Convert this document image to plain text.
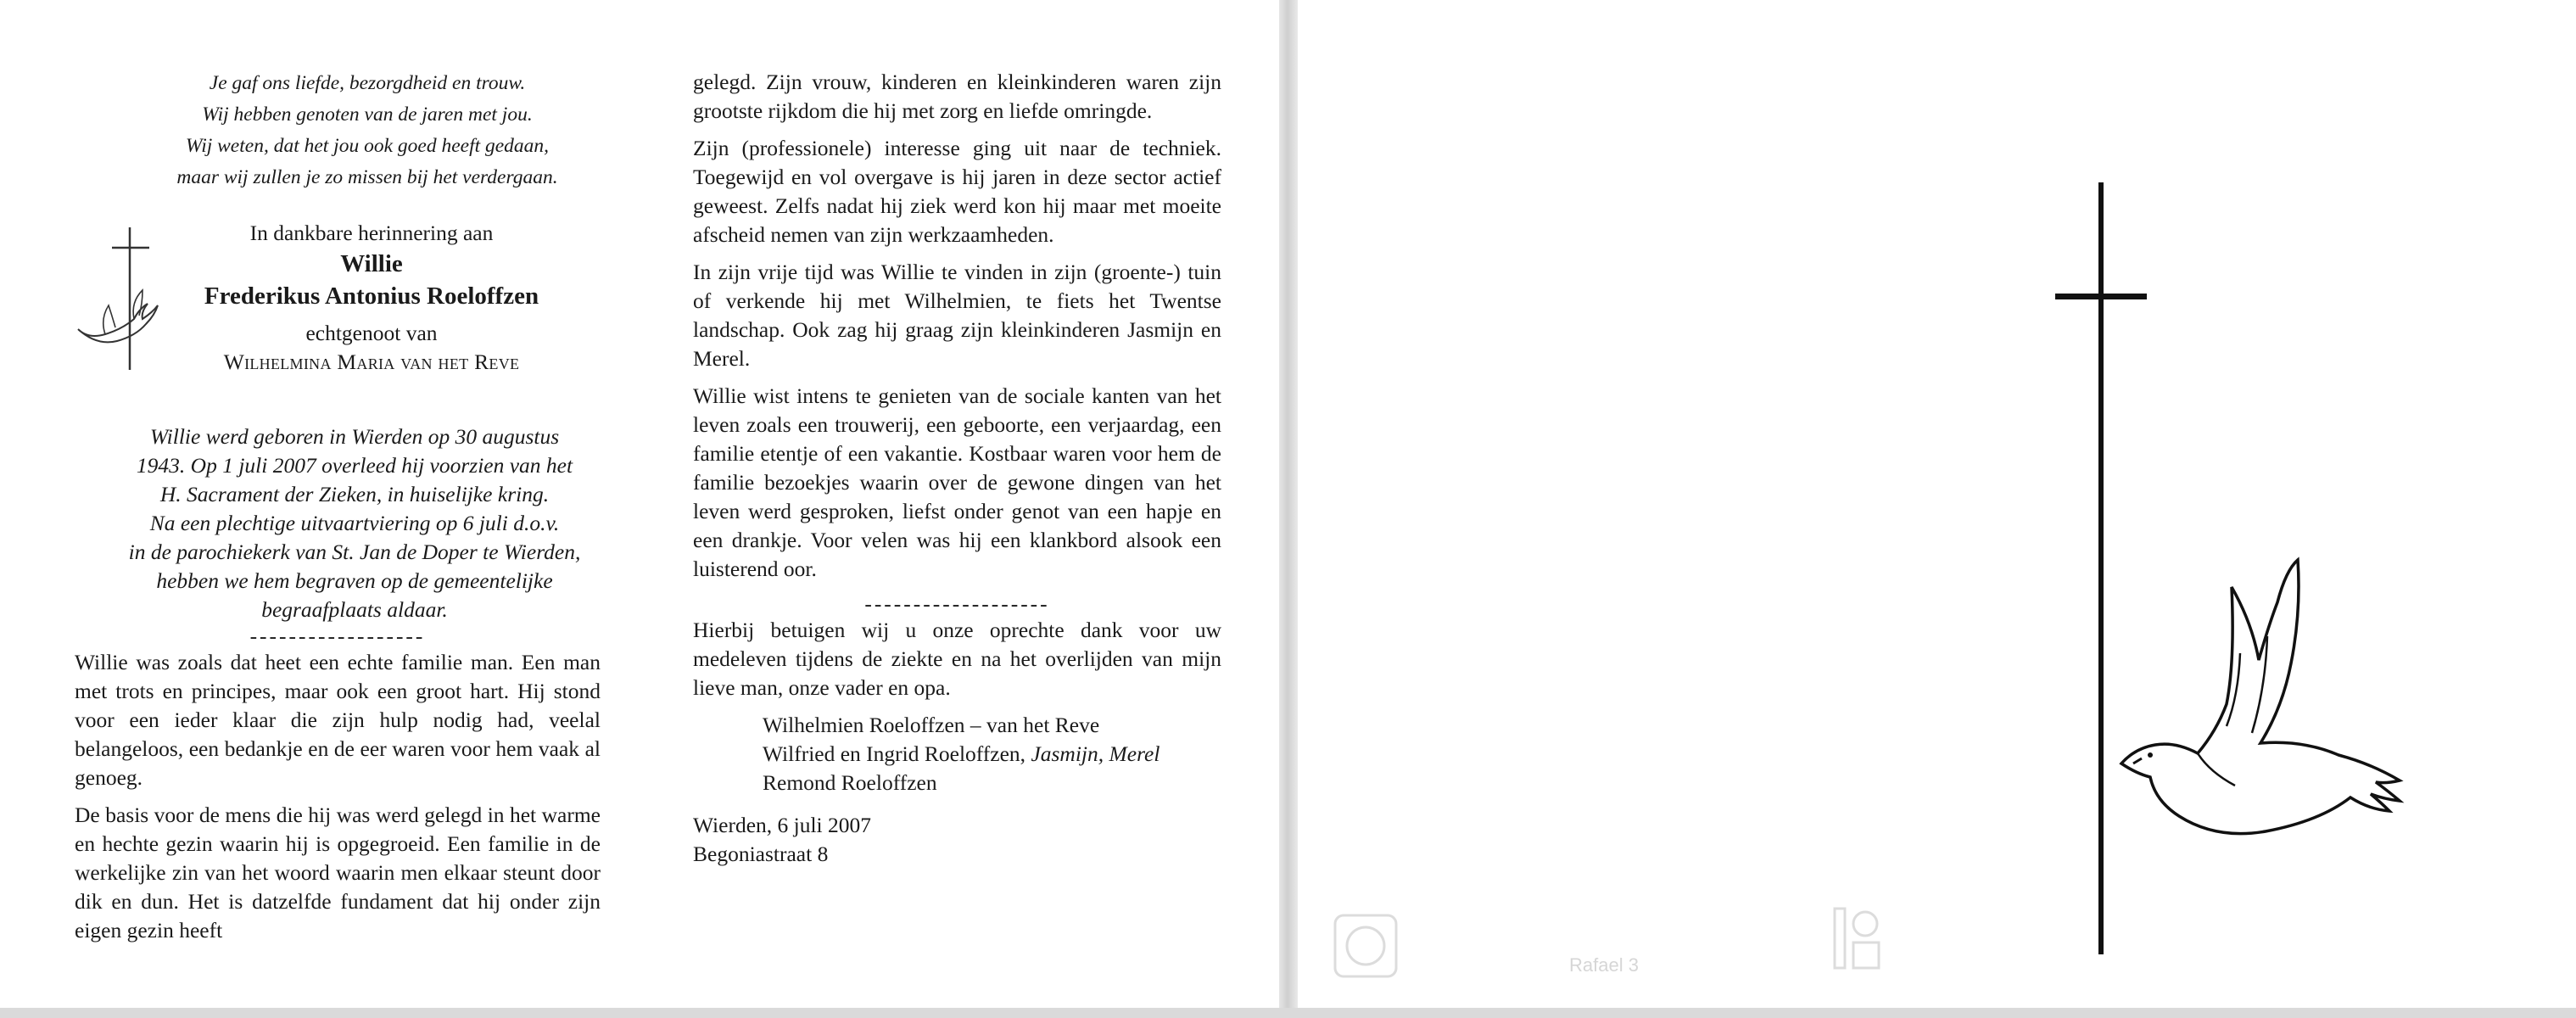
Je gaf ons liefde, bezorgdheid en trouw.
Wij hebben genoten van de jaren met jou.
Wij weten, dat het jou ook goed heeft gedaan,
maar wij zullen je zo missen bij het verdergaan.
In dankbare herinnering aan
Willie
Frederikus Antonius Roeloffzen
echtgenoot van
Wilhelmina Maria van het Reve
Willie werd geboren in Wierden op 30 augustus
1943. Op 1 juli 2007 overleed hij voorzien van het
H. Sacrament der Zieken, in huiselijke kring.
Na een plechtige uitvaartviering op 6 juli d.o.v.
in de parochiekerk van St. Jan de Doper te Wierden,
hebben we hem begraven op de gemeentelijke
begraafplaats aldaar.
------------------

Willie was zoals dat heet een echte familie man. Een man met trots en principes, maar ook een groot hart. Hij stond voor een ieder klaar die zijn hulp nodig had, veelal belangeloos, een bedankje en de eer waren voor hem vaak al genoeg.

De basis voor de mens die hij was werd gelegd in het warme en hechte gezin waarin hij is opgegroeid. Een familie in de werkelijke zin van het woord waarin men elkaar steunt door dik en dun. Het is datzelfde fundament dat hij onder zijn eigen gezin heeft

gelegd. Zijn vrouw, kinderen en kleinkinderen waren zijn grootste rijkdom die hij met zorg en liefde omringde.

Zijn (professionele) interesse ging uit naar de techniek. Toegewijd en vol overgave is hij jaren in deze sector actief geweest. Zelfs nadat hij ziek werd kon hij maar met moeite afscheid nemen van zijn werkzaamheden.

In zijn vrije tijd was Willie te vinden in zijn (groente-) tuin of verkende hij met Wilhelmien, te fiets het Twentse landschap. Ook zag hij graag zijn kleinkinderen Jasmijn en Merel.

Willie wist intens te genieten van de sociale kanten van het leven zoals een trouwerij, een geboorte, een verjaardag, een familie etentje of een vakantie. Kostbaar waren voor hem de familie bezoekjes waarin over de gewone dingen van het leven werd gesproken, liefst onder genot van een hapje en een drankje. Voor velen was hij een klankbord alsook een luisterend oor.

-------------------

Hierbij betuigen wij u onze oprechte dank voor uw medeleven tijdens de ziekte en na het overlijden van mijn lieve man, onze vader en opa.

Wilhelmien Roeloffzen – van het Reve
Wilfried en Ingrid Roeloffzen, Jasmijn, Merel
Remond Roeloffzen
Wierden, 6 juli 2007
Begoniastraat 8
Rafael 3
